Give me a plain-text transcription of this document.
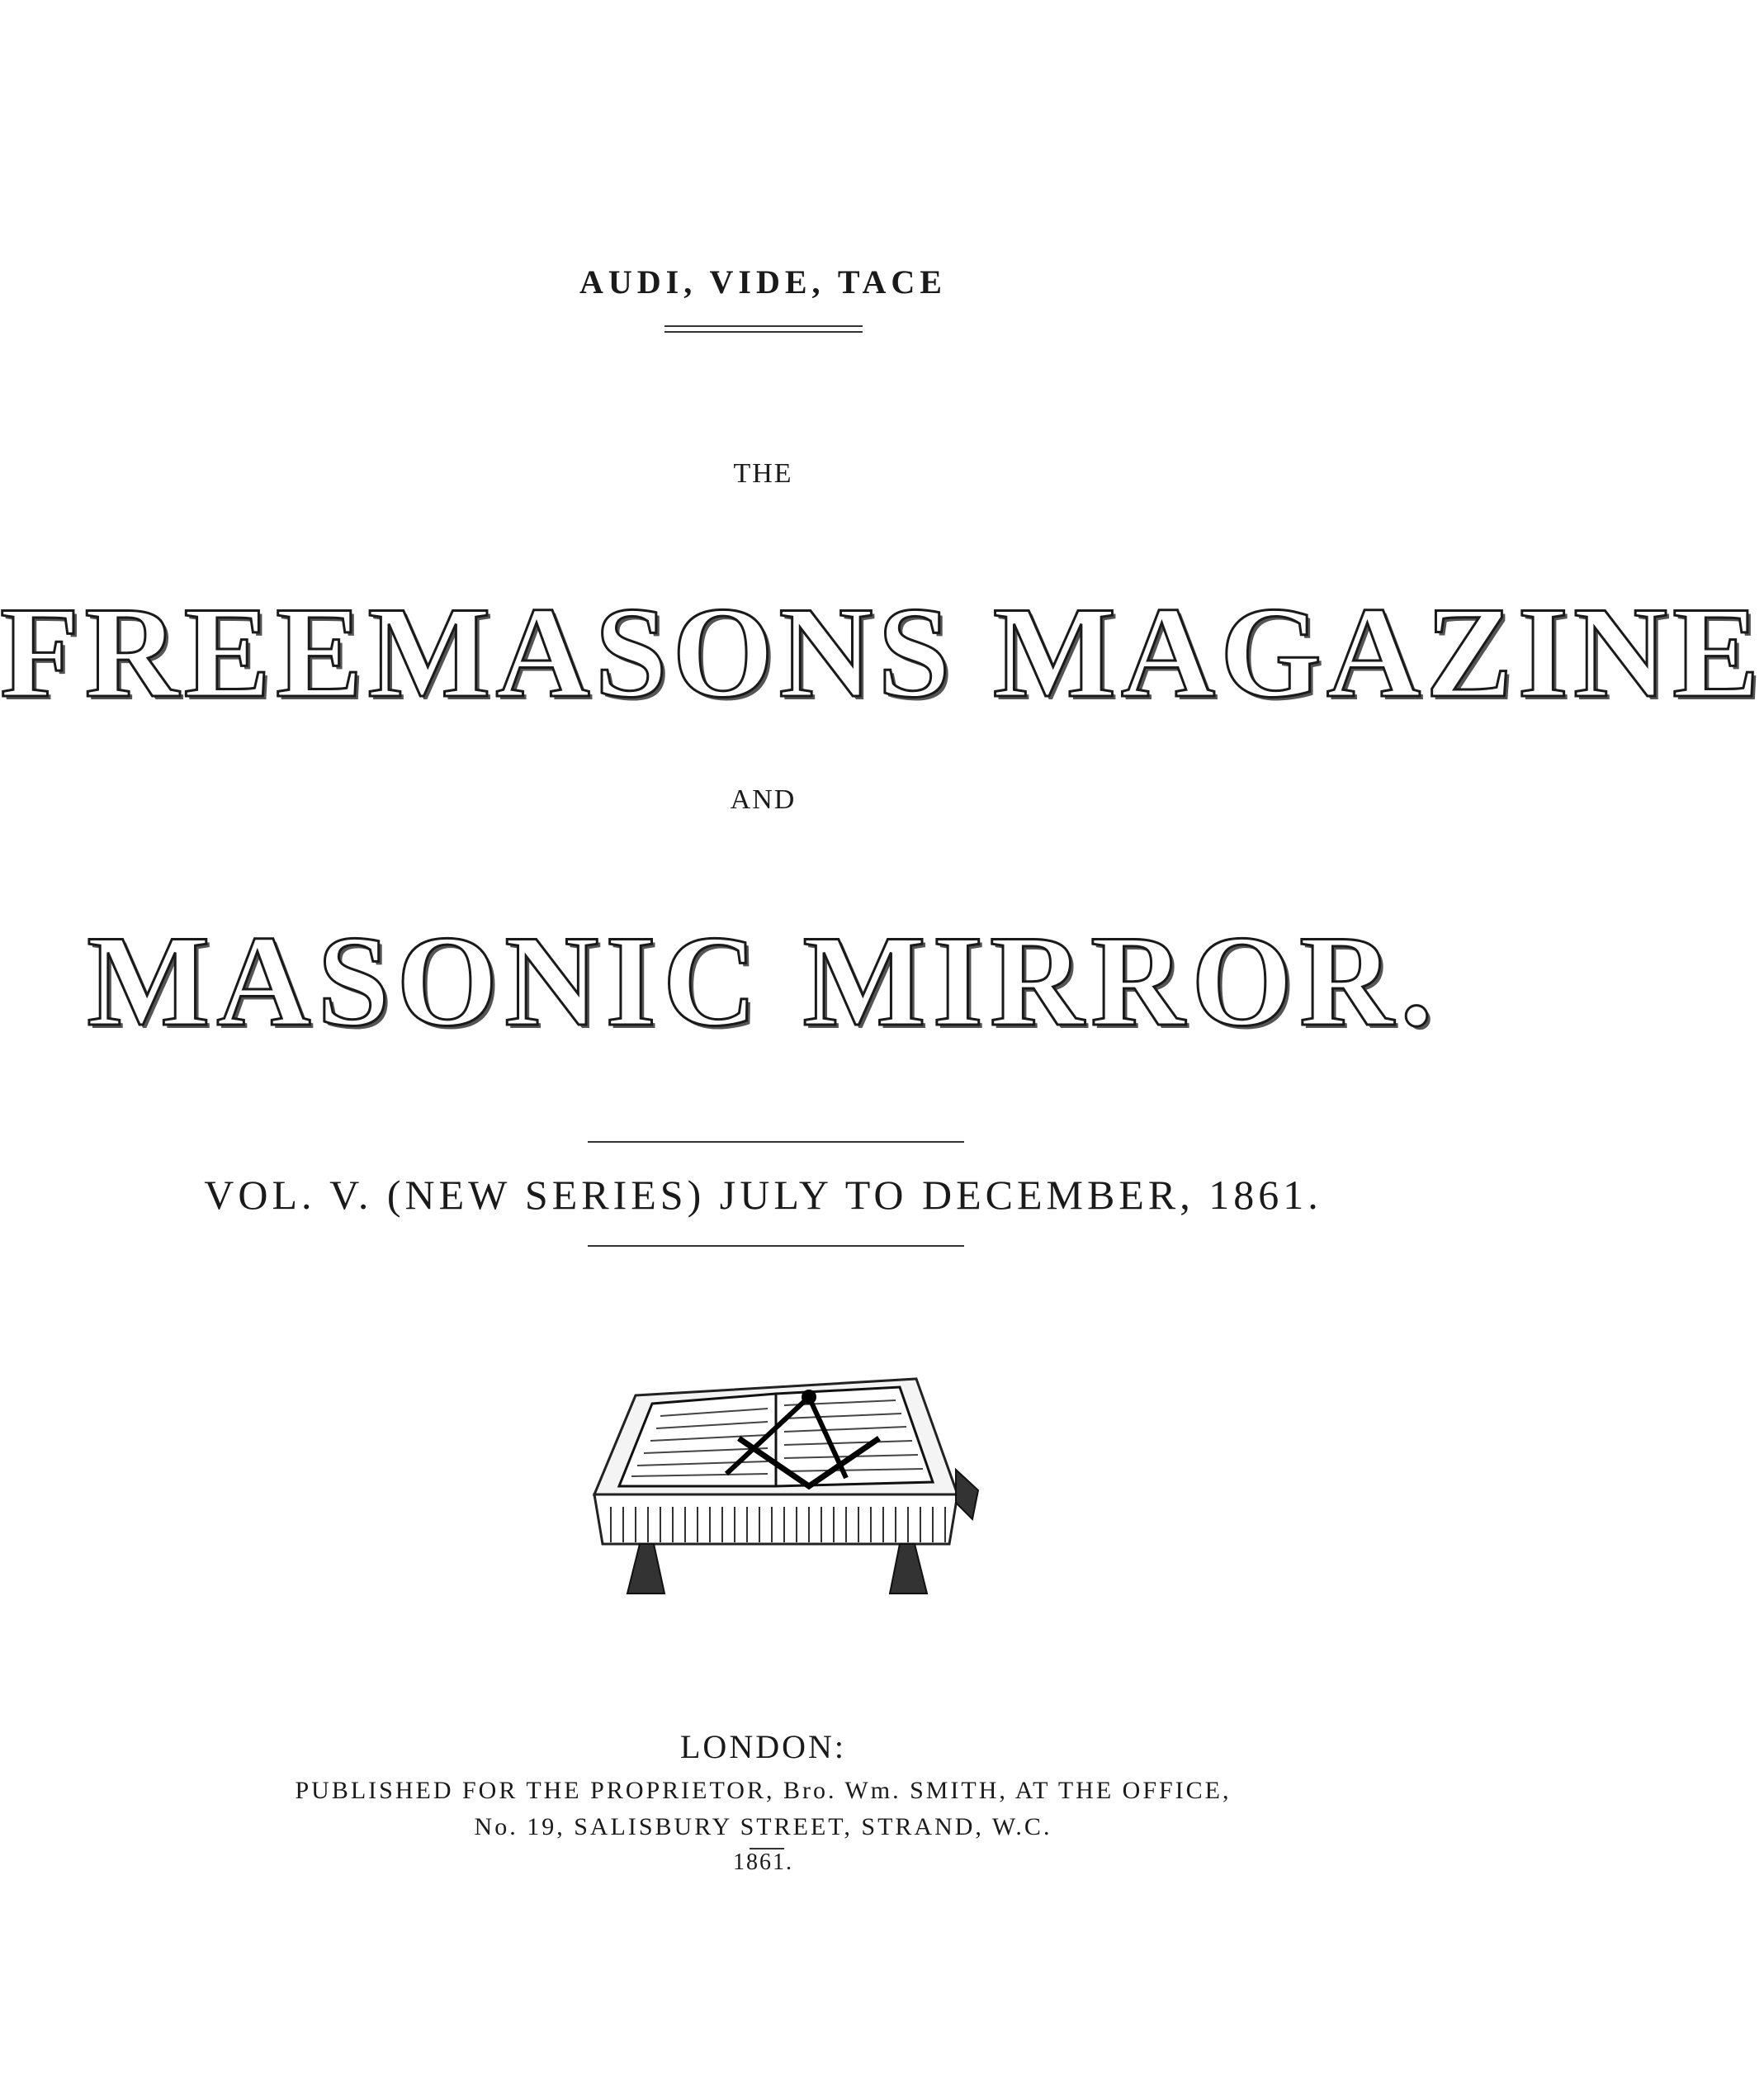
AUDI, VIDE, TACE

THE

FREEMASONS MAGAZINE

AND

MASONIC MIRROR.

VOL. V. (NEW SERIES) JULY TO DECEMBER, 1861.

LONDON:

PUBLISHED FOR THE PROPRIETOR, Bro. Wm. SMITH, AT THE OFFICE,

No. 19, SALISBURY STREET, STRAND, W.C.

1861.
